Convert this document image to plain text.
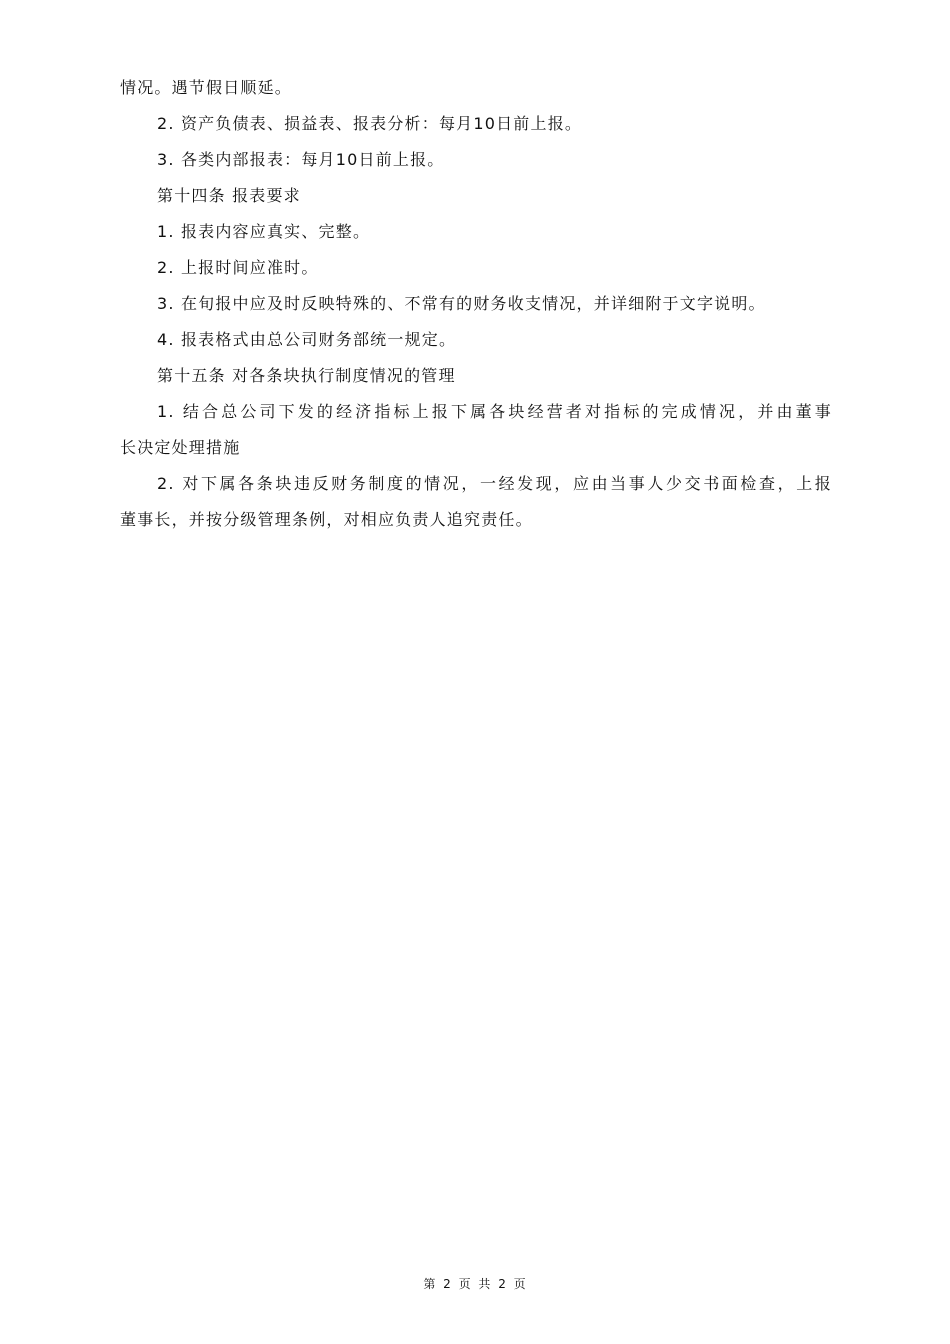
情况。遇节假日顺延。
2. 资产负债表、损益表、报表分析：每月10日前上报。
3. 各类内部报表：每月10日前上报。
第十四条 报表要求
1. 报表内容应真实、完整。
2. 上报时间应准时。
3. 在旬报中应及时反映特殊的、不常有的财务收支情况，并详细附于文字说明。
4. 报表格式由总公司财务部统一规定。
第十五条 对各条块执行制度情况的管理
1. 结合总公司下发的经济指标上报下属各块经营者对指标的完成情况，并由董事
长决定处理措施
2. 对下属各条块违反财务制度的情况，一经发现，应由当事人少交书面检查，上报
董事长，并按分级管理条例，对相应负责人追究责任。
第 2 页 共 2 页
